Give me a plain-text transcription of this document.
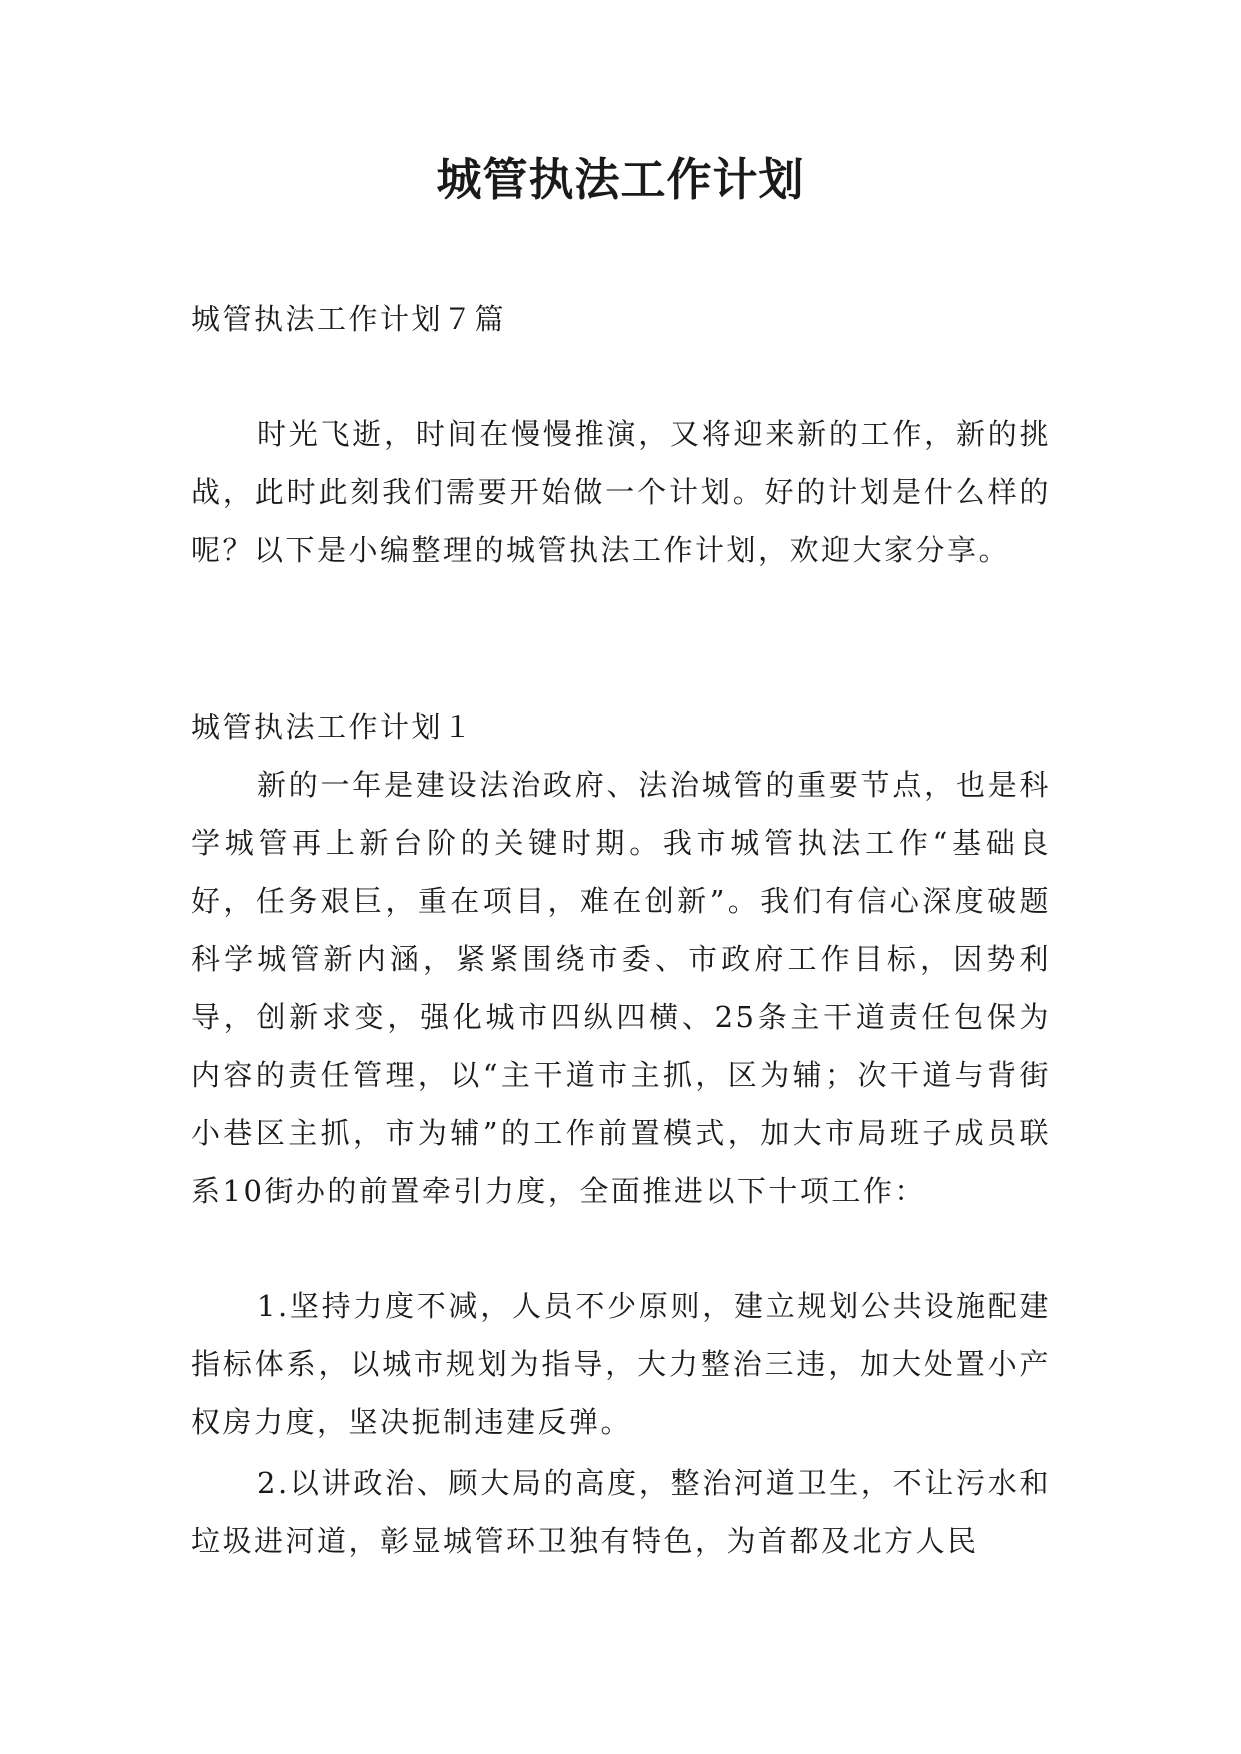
城管执法工作计划

城管执法工作计划７篇

时光飞逝，时间在慢慢推演，又将迎来新的工作，新的挑战，此时此刻我们需要开始做一个计划。好的计划是什么样的呢？以下是小编整理的城管执法工作计划，欢迎大家分享。

城管执法工作计划１

新的一年是建设法治政府、法治城管的重要节点，也是科学城管再上新台阶的关键时期。我市城管执法工作“基础良好，任务艰巨，重在项目，难在创新”。我们有信心深度破题科学城管新内涵，紧紧围绕市委、市政府工作目标，因势利导，创新求变，强化城市四纵四横、25条主干道责任包保为内容的责任管理，以“主干道市主抓，区为辅；次干道与背街小巷区主抓，市为辅”的工作前置模式，加大市局班子成员联系10街办的前置牵引力度，全面推进以下十项工作：

1.坚持力度不减，人员不少原则，建立规划公共设施配建指标体系，以城市规划为指导，大力整治三违，加大处置小产权房力度，坚决扼制违建反弹。

2.以讲政治、顾大局的高度，整治河道卫生，不让污水和垃圾进河道，彰显城管环卫独有特色，为首都及北方人民
